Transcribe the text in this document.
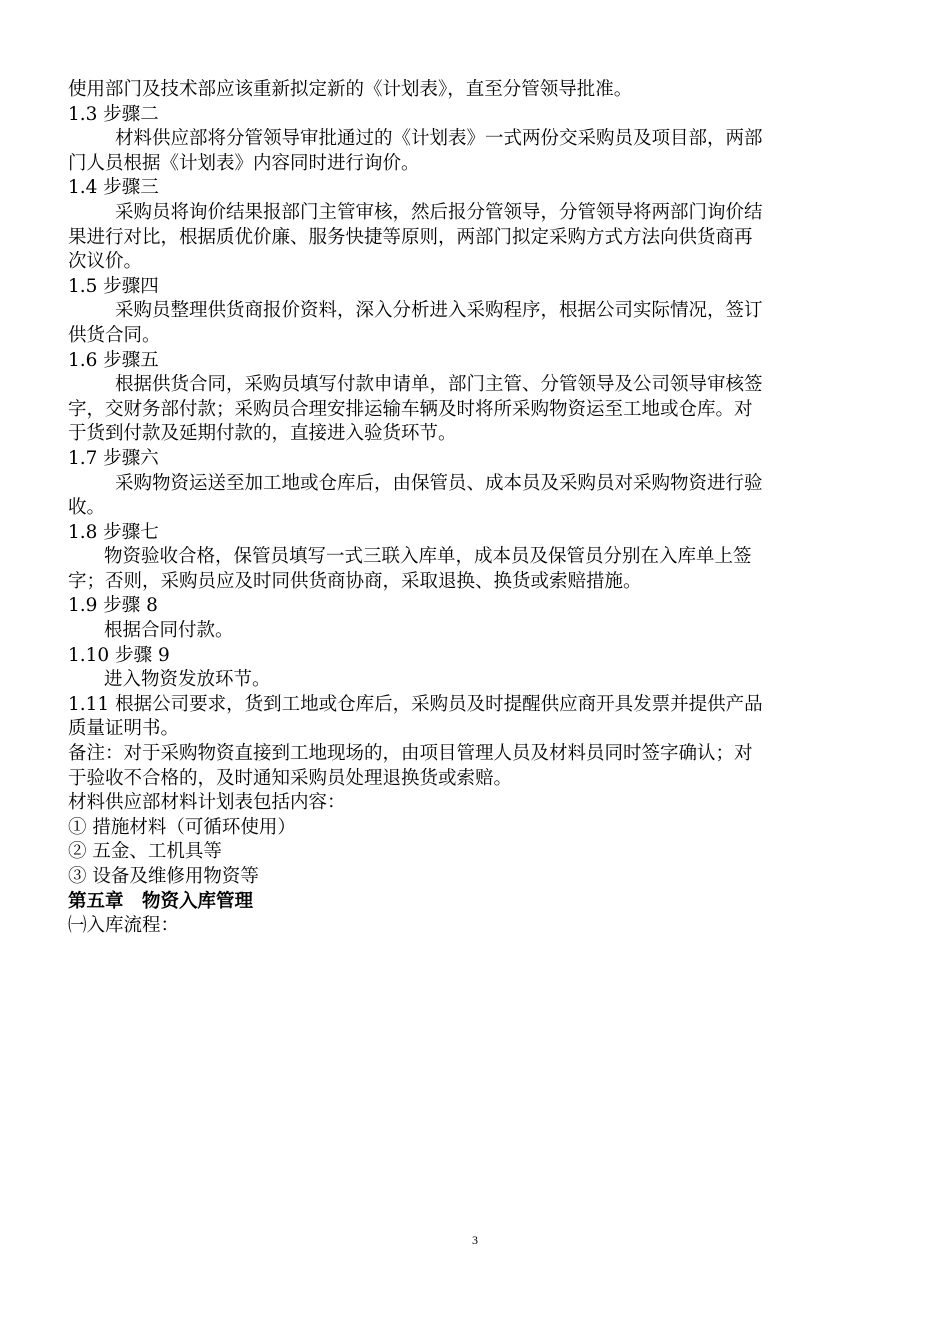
使用部门及技术部应该重新拟定新的《计划表》，直至分管领导批准。
1.3 步骤二
材料供应部将分管领导审批通过的《计划表》一式两份交采购员及项目部，两部
门人员根据《计划表》内容同时进行询价。
1.4 步骤三
采购员将询价结果报部门主管审核，然后报分管领导，分管领导将两部门询价结
果进行对比，根据质优价廉、服务快捷等原则，两部门拟定采购方式方法向供货商再
次议价。
1.5 步骤四
采购员整理供货商报价资料，深入分析进入采购程序，根据公司实际情况，签订
供货合同。
1.6 步骤五
根据供货合同，采购员填写付款申请单，部门主管、分管领导及公司领导审核签
字，交财务部付款；采购员合理安排运输车辆及时将所采购物资运至工地或仓库。对
于货到付款及延期付款的，直接进入验货环节。
1.7 步骤六
采购物资运送至加工地或仓库后，由保管员、成本员及采购员对采购物资进行验
收。
1.8 步骤七
物资验收合格，保管员填写一式三联入库单，成本员及保管员分别在入库单上签
字；否则，采购员应及时同供货商协商，采取退换、换货或索赔措施。
1.9 步骤 8
根据合同付款。
1.10 步骤 9
进入物资发放环节。
1.11 根据公司要求，货到工地或仓库后，采购员及时提醒供应商开具发票并提供产品
质量证明书。
备注：对于采购物资直接到工地现场的，由项目管理人员及材料员同时签字确认；对
于验收不合格的，及时通知采购员处理退换货或索赔。
材料供应部材料计划表包括内容：
① 措施材料（可循环使用）
② 五金、工机具等
③ 设备及维修用物资等
第五章　物资入库管理
㈠入库流程：
3
